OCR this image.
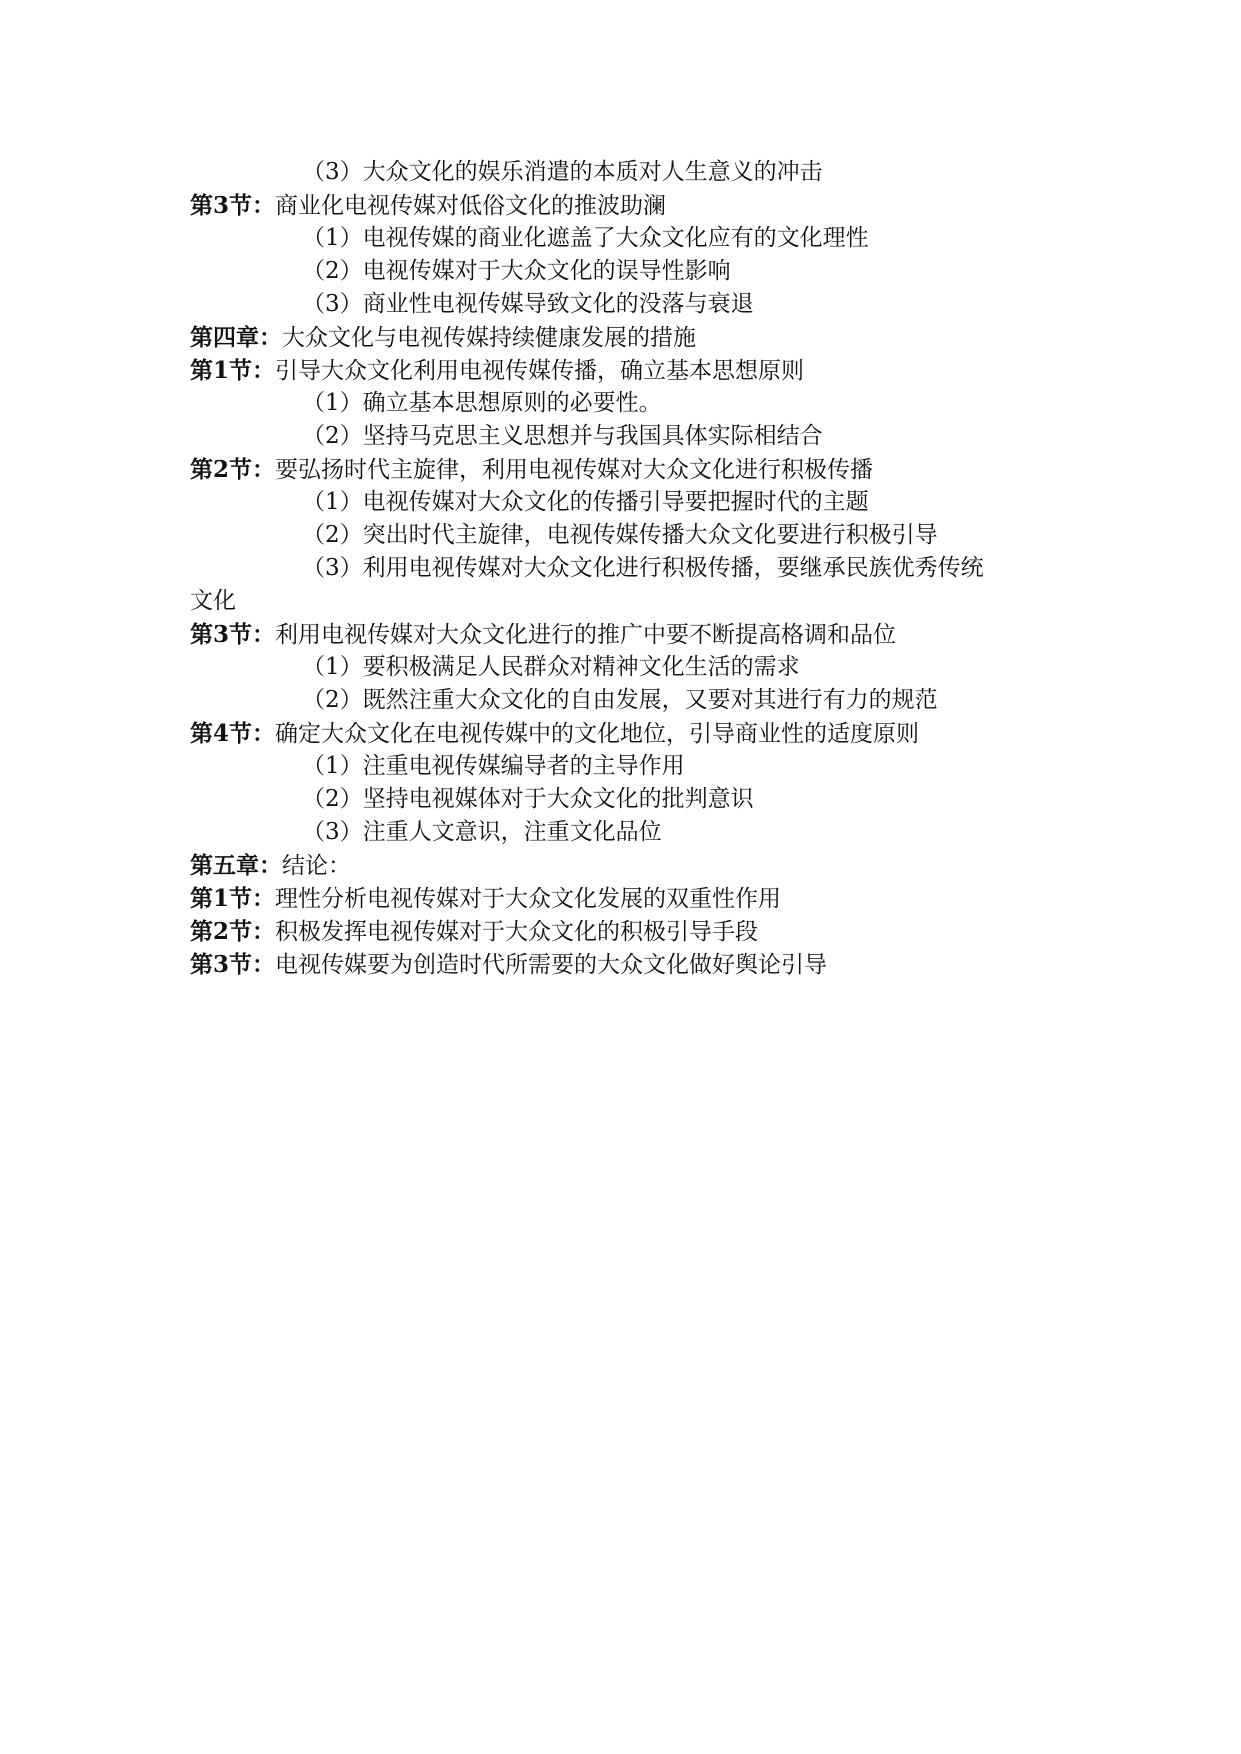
（3）大众文化的娱乐消遣的本质对人生意义的冲击
第3节：商业化电视传媒对低俗文化的推波助澜
（1）电视传媒的商业化遮盖了大众文化应有的文化理性
（2）电视传媒对于大众文化的误导性影响
（3）商业性电视传媒导致文化的没落与衰退
第四章：大众文化与电视传媒持续健康发展的措施
第1节：引导大众文化利用电视传媒传播，确立基本思想原则
（1）确立基本思想原则的必要性。
（2）坚持马克思主义思想并与我国具体实际相结合
第2节：要弘扬时代主旋律，利用电视传媒对大众文化进行积极传播
（1）电视传媒对大众文化的传播引导要把握时代的主题
（2）突出时代主旋律，电视传媒传播大众文化要进行积极引导
（3）利用电视传媒对大众文化进行积极传播，要继承民族优秀传统
文化
第3节：利用电视传媒对大众文化进行的推广中要不断提高格调和品位
（1）要积极满足人民群众对精神文化生活的需求
（2）既然注重大众文化的自由发展，又要对其进行有力的规范
第4节：确定大众文化在电视传媒中的文化地位，引导商业性的适度原则
（1）注重电视传媒编导者的主导作用
（2）坚持电视媒体对于大众文化的批判意识
（3）注重人文意识，注重文化品位
第五章：结论：
第1节：理性分析电视传媒对于大众文化发展的双重性作用
第2节：积极发挥电视传媒对于大众文化的积极引导手段
第3节：电视传媒要为创造时代所需要的大众文化做好舆论引导
